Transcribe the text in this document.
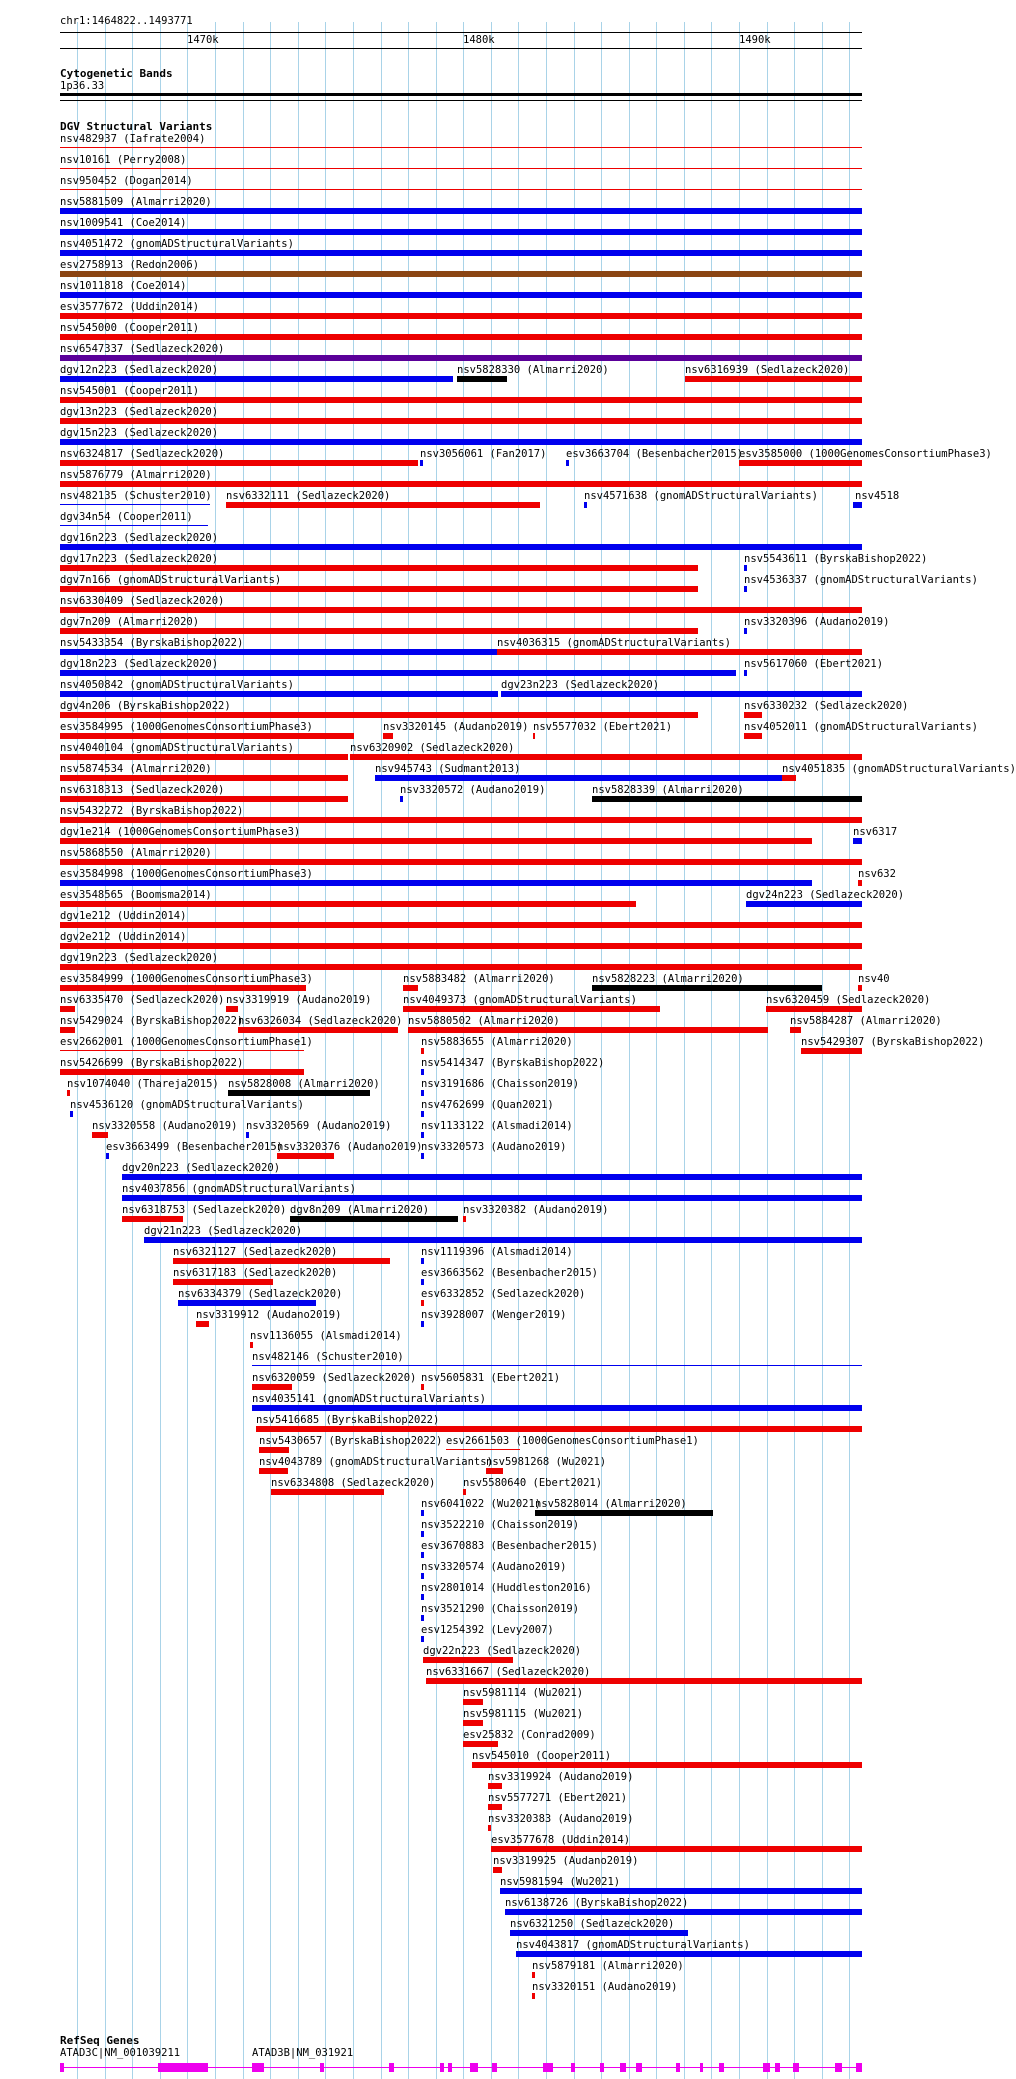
chr1:1464822..1493771
1470k	1480k	1490k
Cytogenetic Bands
1p36.33
DGV Structural Variants
nsv482937 (Iafrate2004)
nsv10161 (Perry2008)
nsv950452 (Dogan2014)
nsv5881509 (Almarri2020)
nsv1009541 (Coe2014)
nsv4051472 (gnomADStructuralVariants)
esv2758913 (Redon2006)
nsv1011818 (Coe2014)
esv3577672 (Uddin2014)
nsv545000 (Cooper2011)
nsv6547337 (Sedlazeck2020)
dgv12n223 (Sedlazeck2020)	nsv5828330 (Almarri2020)	nsv6316939 (Sedlazeck2020)
nsv545001 (Cooper2011)
dgv13n223 (Sedlazeck2020)
dgv15n223 (Sedlazeck2020)
nsv6324817 (Sedlazeck2020)	nsv3056061 (Fan2017) esv3663704 (Besenbacher2015)
esv3585000 (1000GenomesConsortiumPhase3)
nsv5876779 (Almarri2020)
nsv482135 (Schuster2010) nsv6332111 (Sedlazeck2020)	nsv4571638 (gnomADStructuralVariants)	nsv4518
dgv34n54 (Cooper2011)
dgv16n223 (Sedlazeck2020)
dgv17n223 (Sedlazeck2020)	nsv5543611 (ByrskaBishop2022)
dgv7n166 (gnomADStructuralVariants)	nsv4536337 (gnomADStructuralVariants)
nsv6330409 (Sedlazeck2020)
dgv7n209 (Almarri2020)	nsv3320396 (Audano2019)
nsv5433354 (ByrskaBishop2022)	nsv4036315 (gnomADStructuralVariants)
dgv18n223 (Sedlazeck2020)	nsv5617060 (Ebert2021)
nsv4050842 (gnomADStructuralVariants)	dgv23n223 (Sedlazeck2020)
dgv4n206 (ByrskaBishop2022)	nsv6330232 (Sedlazeck2020)
esv3584995 (1000GenomesConsortiumPhase3)	nsv3320145 (Audano2019) nsv5577032 (Ebert2021)	nsv4052011 (gnomADStructuralVariants)
nsv4040104 (gnomADStructuralVariants)	nsv6320902 (Sedlazeck2020)
nsv5874534 (Almarri2020)	nsv945743 (Sudmant2013)	nsv4051835 (gnomADStructuralVariants)
nsv6318313 (Sedlazeck2020)	nsv3320572 (Audano2019)	nsv5828339 (Almarri2020)
nsv5432272 (ByrskaBishop2022)
dgv1e214 (1000GenomesConsortiumPhase3)	nsv6317
nsv5868550 (Almarri2020)
esv3584998 (1000GenomesConsortiumPhase3)	nsv632
esv3548565 (Boomsma2014)	dgv24n223 (Sedlazeck2020)
dgv1e212 (Uddin2014)
dgv2e212 (Uddin2014)
dgv19n223 (Sedlazeck2020)
esv3584999 (1000GenomesConsortiumPhase3)	nsv5883482 (Almarri2020)	nsv5828223 (Almarri2020)	nsv40
nsv6335470 (Sedlazeck2020) nsv3319919 (Audano2019)	nsv4049373 (gnomADStructuralVariants)	nsv6320459 (Sedlazeck2020)
nsv5429024 (ByrskaBishop2022)
nsv6326034 (Sedlazeck2020) nsv5880502 (Almarri2020)	nsv5884287 (Almarri2020)
esv2662001 (1000GenomesConsortiumPhase1)	nsv5883655 (Almarri2020)	nsv5429307 (ByrskaBishop2022)
nsv5426699 (ByrskaBishop2022)	nsv5414347 (ByrskaBishop2022)
nsv1074040 (Thareja2015) nsv5828008 (Almarri2020)	nsv3191686 (Chaisson2019)
nsv4536120 (gnomADStructuralVariants)	nsv4762699 (Quan2021)
nsv3320558 (Audano2019) nsv3320569 (Audano2019)	nsv1133122 (Alsmadi2014)
esv3663499 (Besenbacher2015)
nsv3320376 (Audano2019)
nsv3320573 (Audano2019)
dgv20n223 (Sedlazeck2020)
nsv4037856 (gnomADStructuralVariants)
nsv6318753 (Sedlazeck2020) dgv8n209 (Almarri2020)	nsv3320382 (Audano2019)
dgv21n223 (Sedlazeck2020)
nsv6321127 (Sedlazeck2020)	nsv1119396 (Alsmadi2014)
nsv6317183 (Sedlazeck2020)	esv3663562 (Besenbacher2015)
nsv6334379 (Sedlazeck2020)	esv6332852 (Sedlazeck2020)
nsv3319912 (Audano2019)	nsv3928007 (Wenger2019)
nsv1136055 (Alsmadi2014)
nsv482146 (Schuster2010)
nsv6320059 (Sedlazeck2020) nsv5605831 (Ebert2021)
nsv4035141 (gnomADStructuralVariants)
nsv5416685 (ByrskaBishop2022)
nsv5430657 (ByrskaBishop2022) esv2661503 (1000GenomesConsortiumPhase1)
nsv4043789 (gnomADStructuralVariants)
nsv5981268 (Wu2021)
nsv6334808 (Sedlazeck2020)	nsv5580640 (Ebert2021)
nsv6041022 (Wu2021)
nsv5828014 (Almarri2020)
nsv3522210 (Chaisson2019)
esv3670883 (Besenbacher2015)
nsv3320574 (Audano2019)
nsv2801014 (Huddleston2016)
nsv3521290 (Chaisson2019)
esv1254392 (Levy2007)
dgv22n223 (Sedlazeck2020)
nsv6331667 (Sedlazeck2020)
nsv5981114 (Wu2021)
nsv5981115 (Wu2021)
esv25832 (Conrad2009)
nsv545010 (Cooper2011)
nsv3319924 (Audano2019)
nsv5577271 (Ebert2021)
nsv3320383 (Audano2019)
esv3577678 (Uddin2014)
nsv3319925 (Audano2019)
nsv5981594 (Wu2021)
nsv6138726 (ByrskaBishop2022)
nsv6321250 (Sedlazeck2020)
nsv4043817 (gnomADStructuralVariants)
nsv5879181 (Almarri2020)
nsv3320151 (Audano2019)
RefSeq Genes
ATAD3C|NM_001039211	ATAD3B|NM_031921
